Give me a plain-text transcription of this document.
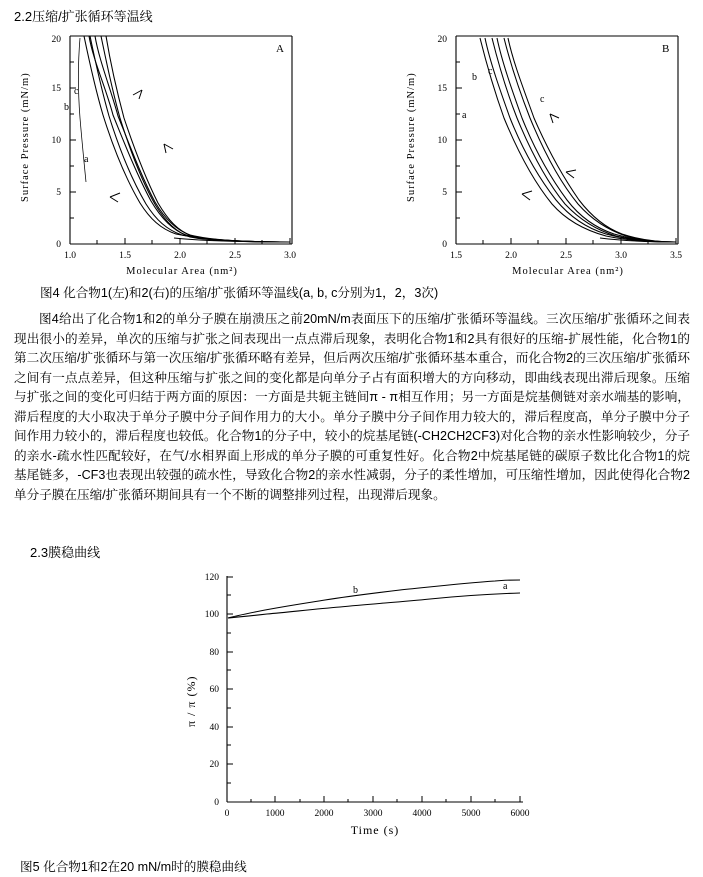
2.2压缩/扩张循环等温线
Surface Pressure (mN/m)
0
5
10
15
20
1.0	1.5	2.0	2.5	3.0
Molecular Area (nm²)
c
b
a
A
Surface Pressure (mN/m)
0
5
10
15
20
1.5	2.0	2.5	3.0	3.5
Molecular Area (nm²)
b
c
a
c
B
图4 化合物1(左)和2(右)的压缩/扩张循环等温线(a, b, c分别为1，2，3次)
图4给出了化合物1和2的单分子膜在崩溃压之前20mN/m表面压下的压缩/扩张循环等温线。三次压缩/扩张循环之间表现出很小的差异，单次的压缩与扩张之间表现出一点点滞后现象，表明化合物1和2具有很好的压缩-扩展性能，化合物1的第二次压缩/扩张循环与第一次压缩/扩张循环略有差异，但后两次压缩/扩张循环基本重合，而化合物2的三次压缩/扩张循环之间有一点点差异，但这种压缩与扩张之间的变化都是向单分子占有面积增大的方向移动，即曲线表现出滞后现象。压缩与扩张之间的变化可归结于两方面的原因：一方面是共轭主链间π - π相互作用；另一方面是烷基侧链对亲水端基的影响，滞后程度的大小取决于单分子膜中分子间作用力的大小。单分子膜中分子间作用力较大的，滞后程度高，单分子膜中分子间作用力较小的，滞后程度也较低。化合物1的分子中，较小的烷基尾链(-CH2CH2CF3)对化合物的亲水性影响较少，分子的亲水-疏水性匹配较好，在气/水相界面上形成的单分子膜的可重复性好。化合物2中烷基尾链的碳原子数比化合物1的烷基尾链多，-CF3也表现出较强的疏水性，导致化合物2的亲水性减弱，分子的柔性增加，可压缩性增加，因此使得化合物2单分子膜在压缩/扩张循环期间具有一个不断的调整排列过程，出现滞后现象。
2.3膜稳曲线
π / π (%)
0
20
40
60
80
100
120
0	1000	2000	3000	4000	5000	6000
Time (s)
b	a
图5 化合物1和2在20 mN/m时的膜稳曲线
